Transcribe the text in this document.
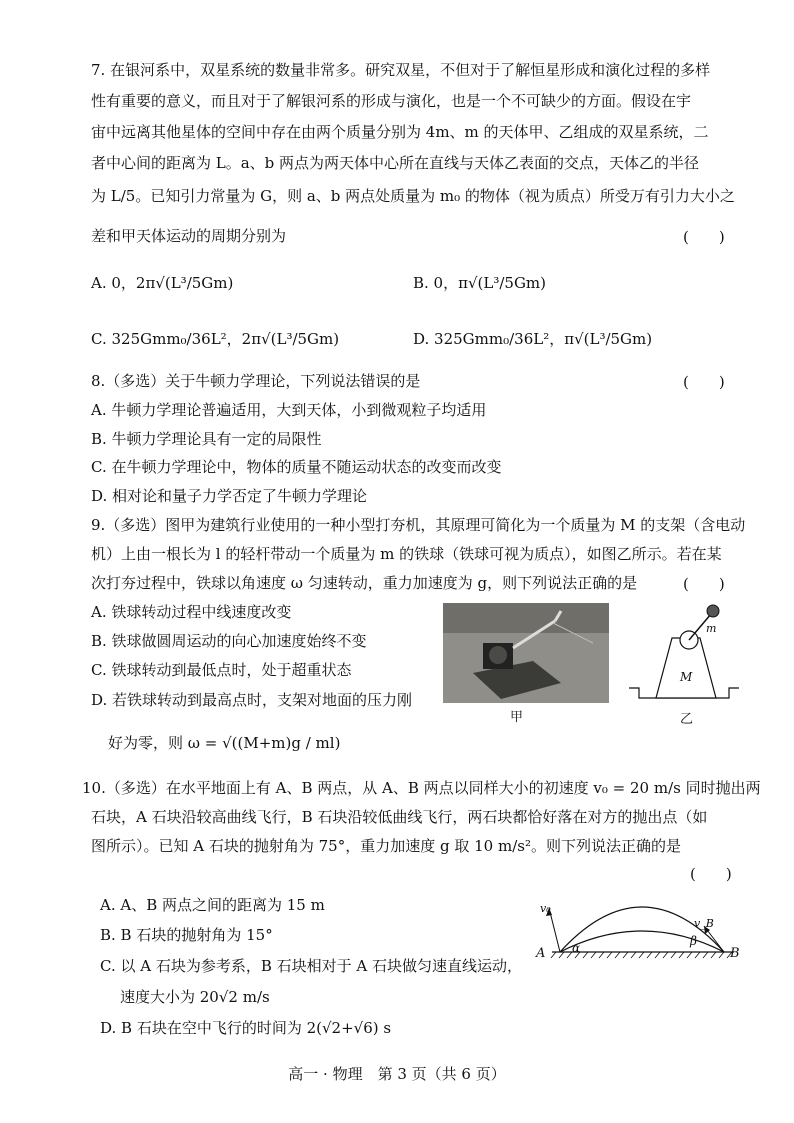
7. 在银河系中，双星系统的数量非常多。研究双星，不但对于了解恒星形成和演化过程的多样
性有重要的意义，而且对于了解银河系的形成与演化，也是一个不可缺少的方面。假设在宇
宙中远离其他星体的空间中存在由两个质量分别为 4m、m 的天体甲、乙组成的双星系统，二
者中心间的距离为 L。a、b 两点为两天体中心所在直线与天体乙表面的交点，天体乙的半径
为 L/5。已知引力常量为 G，则 a、b 两点处质量为 m₀ 的物体（视为质点）所受万有引力大小之
差和甲天体运动的周期分别为	(　　)
A. 0，2π√(L³/5Gm)	B. 0，π√(L³/5Gm)
C. 325Gmm₀/36L²，2π√(L³/5Gm)	D. 325Gmm₀/36L²，π√(L³/5Gm)
8.（多选）关于牛顿力学理论，下列说法错误的是	(　　)
A. 牛顿力学理论普遍适用，大到天体，小到微观粒子均适用
B. 牛顿力学理论具有一定的局限性
C. 在牛顿力学理论中，物体的质量不随运动状态的改变而改变
D. 相对论和量子力学否定了牛顿力学理论
9.（多选）图甲为建筑行业使用的一种小型打夯机，其原理可简化为一个质量为 M 的支架（含电动
机）上由一根长为 l 的轻杆带动一个质量为 m 的铁球（铁球可视为质点），如图乙所示。若在某
次打夯过程中，铁球以角速度 ω 匀速转动，重力加速度为 g，则下列说法正确的是	(　　)
A. 铁球转动过程中线速度改变
B. 铁球做圆周运动的向心加速度始终不变
C. 铁球转动到最低点时，处于超重状态
D. 若铁球转动到最高点时，支架对地面的压力刚
好为零，则 ω = √((M+m)g / ml)
甲
m
M
乙
10.（多选）在水平地面上有 A、B 两点，从 A、B 两点以同样大小的初速度 v₀ = 20 m/s 同时抛出两
石块，A 石块沿较高曲线飞行，B 石块沿较低曲线飞行，两石块都恰好落在对方的抛出点（如
图所示）。已知 A 石块的抛射角为 75°，重力加速度 g 取 10 m/s²。则下列说法正确的是
(　　)
A. A、B 两点之间的距离为 15 m
B. B 石块的抛射角为 15°
C. 以 A 石块为参考系，B 石块相对于 A 石块做匀速直线运动，
速度大小为 20√2 m/s
D. B 石块在空中飞行的时间为 2(√2+√6) s
A	B
v₀
v_B
α	β
高一 · 物理　第 3 页（共 6 页）
